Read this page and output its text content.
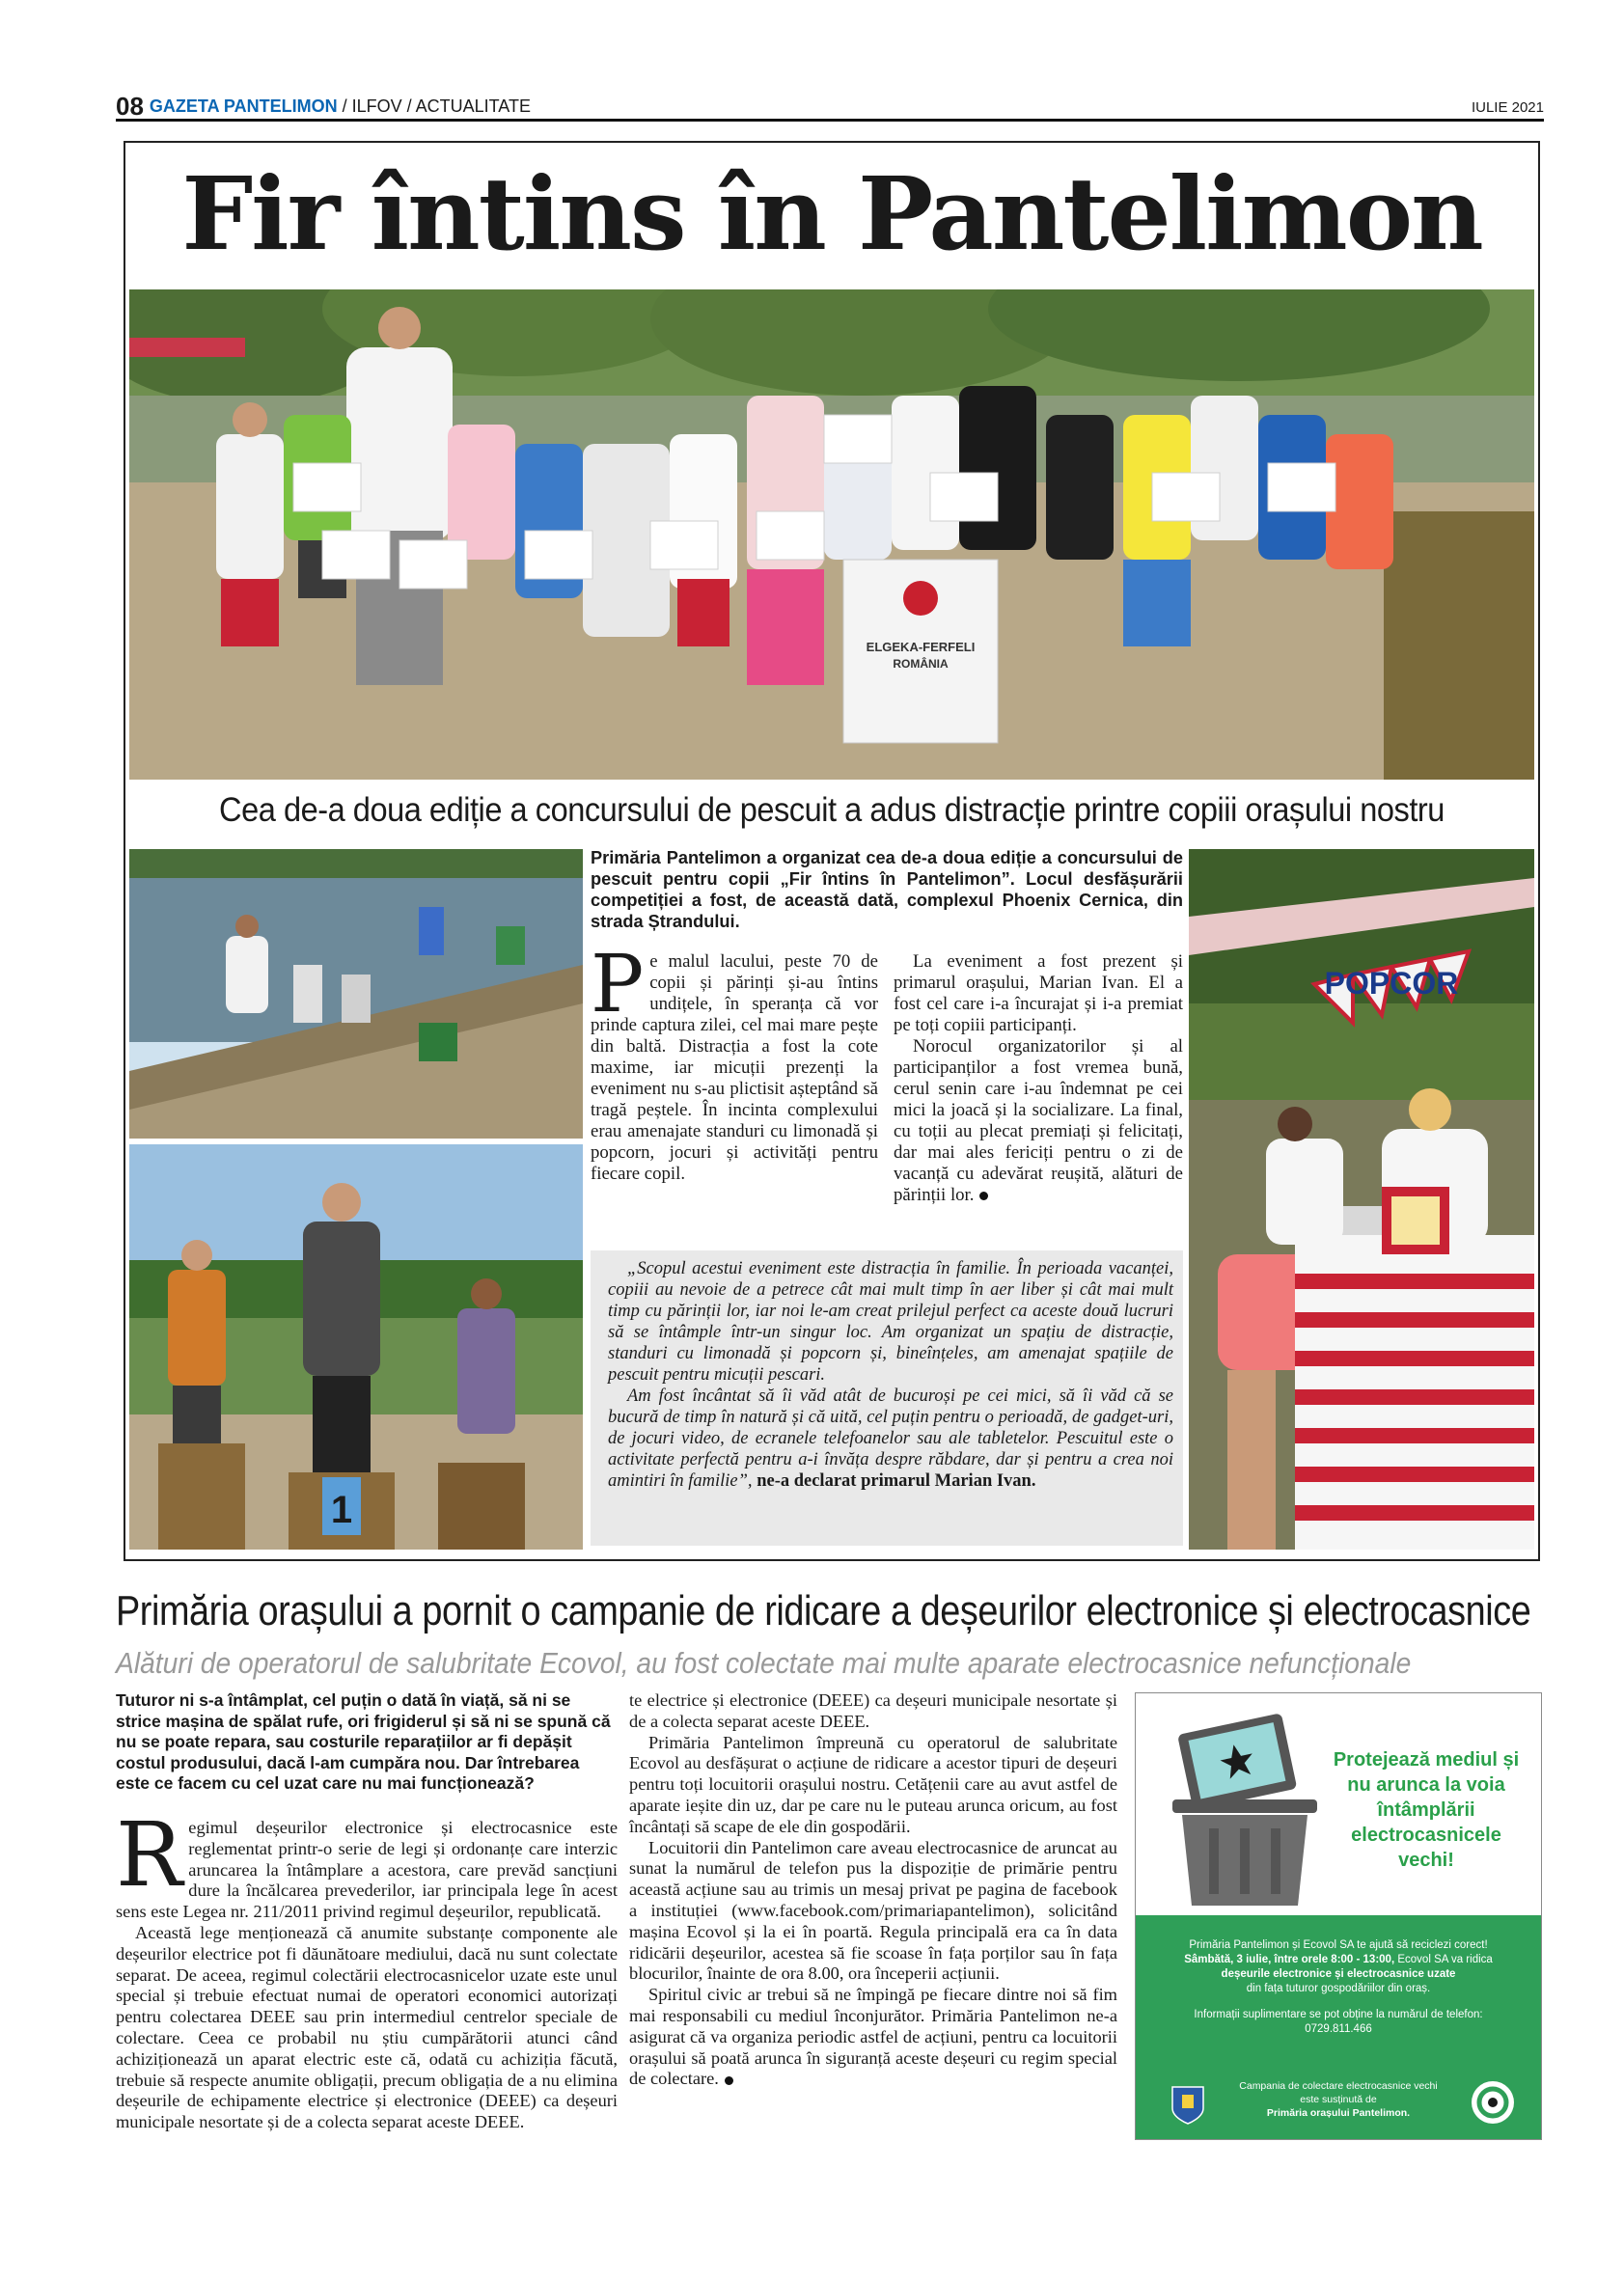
08 GAZETA PANTELIMON / ILFOV / ACTUALITATE	IULIE 2021
Fir întins în Pantelimon
ELGEKA-FERFELI
ROMÂNIA
Cea de-a doua ediție a concursului de pescuit a adus distracție printre copiii orașului nostru
1
POPCOR
Primăria Pantelimon a organizat cea de-a doua ediție a concursului de pescuit pentru copii „Fir întins în Pantelimon”. Locul desfășurării competiției a fost, de această dată, complexul Phoenix Cernica, din strada Ștrandului.

Pe malul lacului, peste 70 de copii și părinți și-au întins undițele, în speranța că vor prinde captura zilei, cel mai mare pește din baltă. Distracția a fost la cote maxime, iar micuții prezenți la eveniment nu s-au plictisit așteptând să tragă peștele. În incinta complexului erau amenajate standuri cu limonadă și popcorn, jocuri și activități pentru fiecare copil.

La eveniment a fost prezent și primarul orașului, Marian Ivan. El a fost cel care i-a încurajat și i-a premiat pe toți copiii participanți.

Norocul organizatorilor și al participanților a fost vremea bună, cerul senin care i-au îndemnat pe cei mici la joacă și la socializare. La final, cu toții au plecat premiați și felicitați, dar mai ales fericiți pentru o zi de vacanță cu adevărat reușită, alături de părinții lor.

„Scopul acestui eveniment este distracția în familie. În perioada vacanței, copiii au nevoie de a petrece cât mai mult timp în aer liber și cât mai mult timp cu părinții lor, iar noi le-am creat prilejul perfect ca aceste două lucruri să se întâmple într-un singur loc. Am organizat un spațiu de distracție, standuri cu limonadă și popcorn și, bineînțeles, am amenajat spațiile de pescuit pentru micuții pescari.

Am fost încântat să îi văd atât de bucuroși pe cei mici, să îi văd că se bucură de timp în natură și că uită, cel puțin pentru o perioadă, de gadget-uri, de jocuri video, de ecranele telefoanelor sau ale tabletelor. Pescuitul este o activitate perfectă pentru a-i învăța despre răbdare, dar și pentru a crea noi amintiri în familie”, ne-a declarat primarul Marian Ivan.

Primăria orașului a pornit o campanie de ridicare a deșeurilor electronice și electrocasnice
Alături de operatorul de salubritate Ecovol, au fost colectate mai multe aparate electrocasnice nefuncționale
Tuturor ni s-a întâmplat, cel puțin o dată în viață, să ni se strice mașina de spălat rufe, ori frigiderul și să ni se spună că nu se poate repara, sau costurile reparațiilor ar fi depășit costul produsului, dacă l-am cumpăra nou. Dar întrebarea este ce facem cu cel uzat care nu mai funcționează?

Regimul deșeurilor electronice și electrocasnice este reglementat printr-o serie de legi și ordonanțe care interzic aruncarea la întâmplare a acestora, care prevăd sancțiuni dure la încălcarea prevederilor, iar principala lege în acest sens este Legea nr. 211/2011 privind regimul deșeurilor, republicată.

Această lege menționează că anumite substanțe componente ale deșeurilor electrice pot fi dăunătoare mediului, dacă nu sunt colectate separat. De aceea, regimul colectării electrocasnicelor uzate este unul special și trebuie efectuat numai de operatori economici autorizați pentru colectarea DEEE sau prin intermediul centrelor speciale de colectare. Ceea ce probabil nu știu cumpărătorii atunci când achiziționează un aparat electric este că, odată cu achiziția făcută, trebuie să respecte anumite obligații, precum obligația de a nu elimina deșeurile de echipamente electrice și electronice (DEEE) ca deșeuri municipale nesortate și de a colecta separat aceste DEEE.

te electrice și electronice (DEEE) ca deșeuri municipale nesortate și de a colecta separat aceste DEEE.

Primăria Pantelimon împreună cu operatorul de salubritate Ecovol au desfășurat o acțiune de ridicare a acestor tipuri de deșeuri pentru toți locuitorii orașului nostru. Cetățenii care au avut astfel de aparate ieșite din uz, dar pe care nu le puteau arunca oricum, au fost încântați să scape de ele din gospodării.

Locuitorii din Pantelimon care aveau electrocasnice de aruncat au sunat la numărul de telefon pus la dispoziție de primărie pentru această acțiune sau au trimis un mesaj privat pe pagina de facebook a instituției (www.facebook.com/primariapantelimon), solicitând mașina Ecovol și la ei în poartă. Regula principală era ca în data ridicării deșeurilor, acestea să fie scoase în fața porților sau în fața blocurilor, înainte de ora 8.00, ora începerii acțiunii.

Spiritul civic ar trebui să ne împingă pe fiecare dintre noi să fim mai responsabili cu mediul înconjurător. Primăria Pantelimon ne-a asigurat că va organiza periodic astfel de acțiuni, pentru ca locuitorii orașului să poată arunca în siguranță aceste deșeuri cu regim special de colectare.

Protejează mediul și nu arunca la voia întâmplării electrocasnicele vechi!
Primăria Pantelimon și Ecovol SA te ajută să reciclezi corect!
Sâmbătă, 3 iulie, între orele 8:00 - 13:00, Ecovol SA va ridica
deșeurile electronice și electrocasnice uzate
din fața tuturor gospodăriilor din oraș.
Informații suplimentare se pot obține la numărul de telefon:
0729.811.466
Campania de colectare electrocasnice vechi
este susținută de
Primăria orașului Pantelimon.
